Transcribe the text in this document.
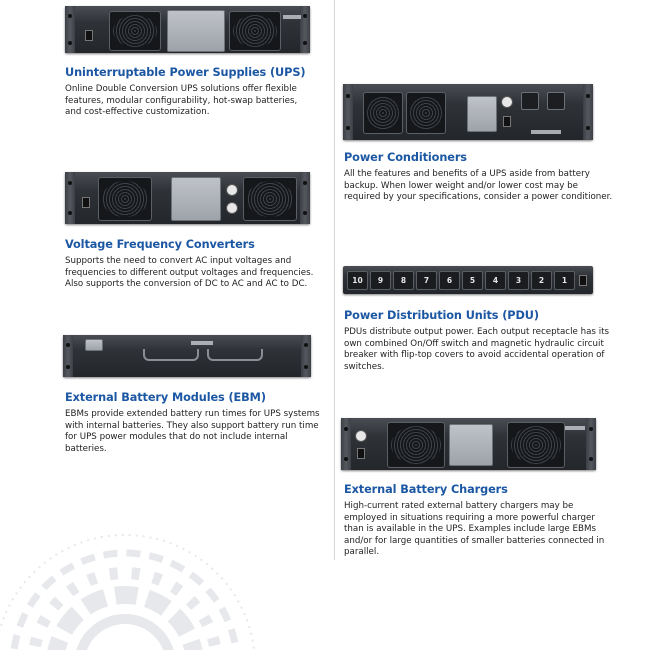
Uninterruptable Power Supplies (UPS)

Online Double Conversion UPS solutions offer flexible features, modular configurability, hot-swap batteries, and cost-effective customization.

Voltage Frequency Converters

Supports the need to convert AC input voltages and frequencies to different output voltages and frequencies. Also supports the conversion of DC to AC and AC to DC.

External Battery Modules (EBM)

EBMs provide extended battery run times for UPS systems with internal batteries. They also support battery run time for UPS power modules that do not include internal batteries.

Power Conditioners

All the features and benefits of a UPS aside from battery backup. When lower weight and/or lower cost may be required by your specifications, consider a power conditioner.

10	9	8	7	6	5	4	3	2	1
Power Distribution Units (PDU)

PDUs distribute output power. Each output receptacle has its own combined On/Off switch and magnetic hydraulic circuit breaker with flip-top covers to avoid accidental operation of switches.

External Battery Chargers

High-current rated external battery chargers may be employed in situations requiring a more powerful charger than is available in the UPS. Examples include large EBMs and/or for large quantities of smaller batteries connected in parallel.
